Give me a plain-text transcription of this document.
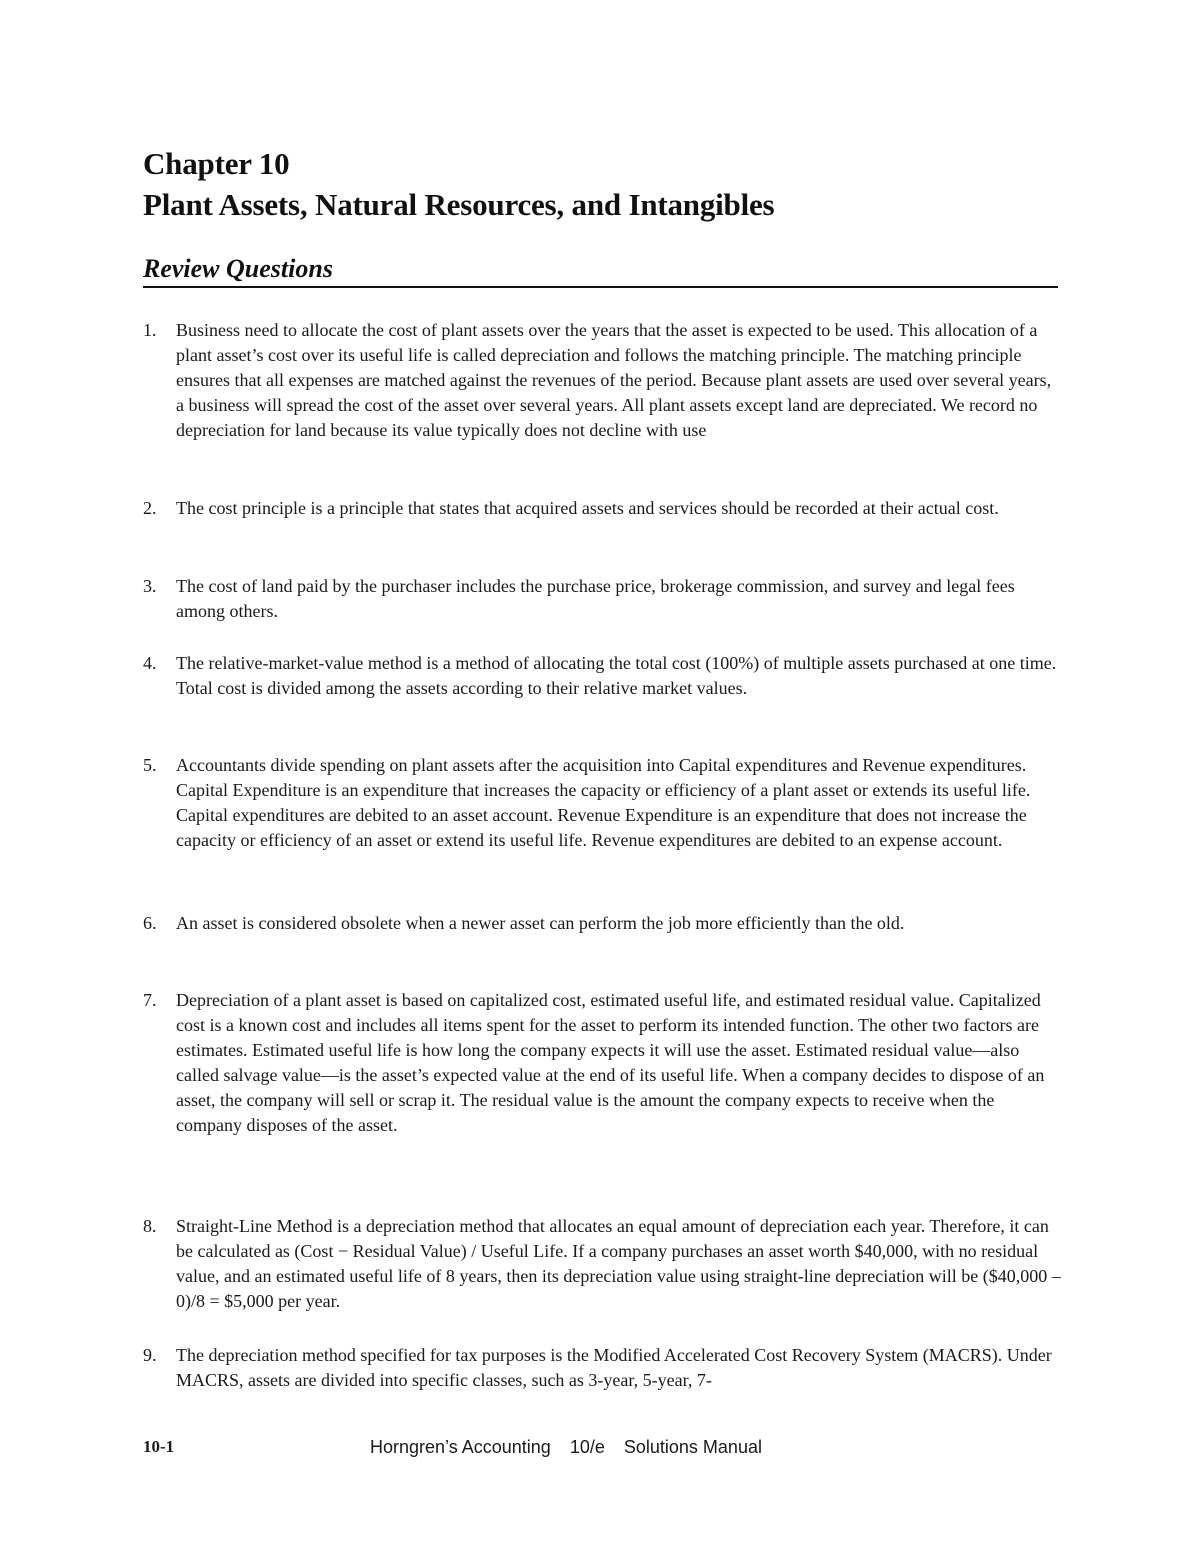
Chapter 10
Plant Assets, Natural Resources, and Intangibles
Review Questions
1.	Business need to allocate the cost of plant assets over the years that the asset is expected to be used. This allocation of a plant asset’s cost over its useful life is called depreciation and follows the matching principle. The matching principle ensures that all expenses are matched against the revenues of the period. Because plant assets are used over several years, a business will spread the cost of the asset over several years. All plant assets except land are depreciated. We record no depreciation for land because its value typically does not decline with use
2.	The cost principle is a principle that states that acquired assets and services should be recorded at their actual cost.
3.	The cost of land paid by the purchaser includes the purchase price, brokerage commission, and survey and legal fees among others.
4.	The relative-market-value method is a method of allocating the total cost (100%) of multiple assets purchased at one time. Total cost is divided among the assets according to their relative market values.
5.	Accountants divide spending on plant assets after the acquisition into Capital expenditures and Revenue expenditures. Capital Expenditure is an expenditure that increases the capacity or efficiency of a plant asset or extends its useful life. Capital expenditures are debited to an asset account. Revenue Expenditure is an expenditure that does not increase the capacity or efficiency of an asset or extend its useful life. Revenue expenditures are debited to an expense account.
6.	An asset is considered obsolete when a newer asset can perform the job more efficiently than the old.
7.	Depreciation of a plant asset is based on capitalized cost, estimated useful life, and estimated residual value. Capitalized cost is a known cost and includes all items spent for the asset to perform its intended function. The other two factors are estimates. Estimated useful life is how long the company expects it will use the asset. Estimated residual value—also called salvage value—is the asset’s expected value at the end of its useful life. When a company decides to dispose of an asset, the company will sell or scrap it. The residual value is the amount the company expects to receive when the company disposes of the asset.
8.	Straight-Line Method is a depreciation method that allocates an equal amount of depreciation each year. Therefore, it can be calculated as (Cost − Residual Value) / Useful Life. If a company purchases an asset worth $40,000, with no residual value, and an estimated useful life of 8 years, then its depreciation value using straight-line depreciation will be ($40,000 – 0)/8 = $5,000 per year.
9.	The depreciation method specified for tax purposes is the Modified Accelerated Cost Recovery System (MACRS). Under MACRS, assets are divided into specific classes, such as 3-year, 5-year, 7-
10-1	Horngren’s Accounting 10/e Solutions Manual
